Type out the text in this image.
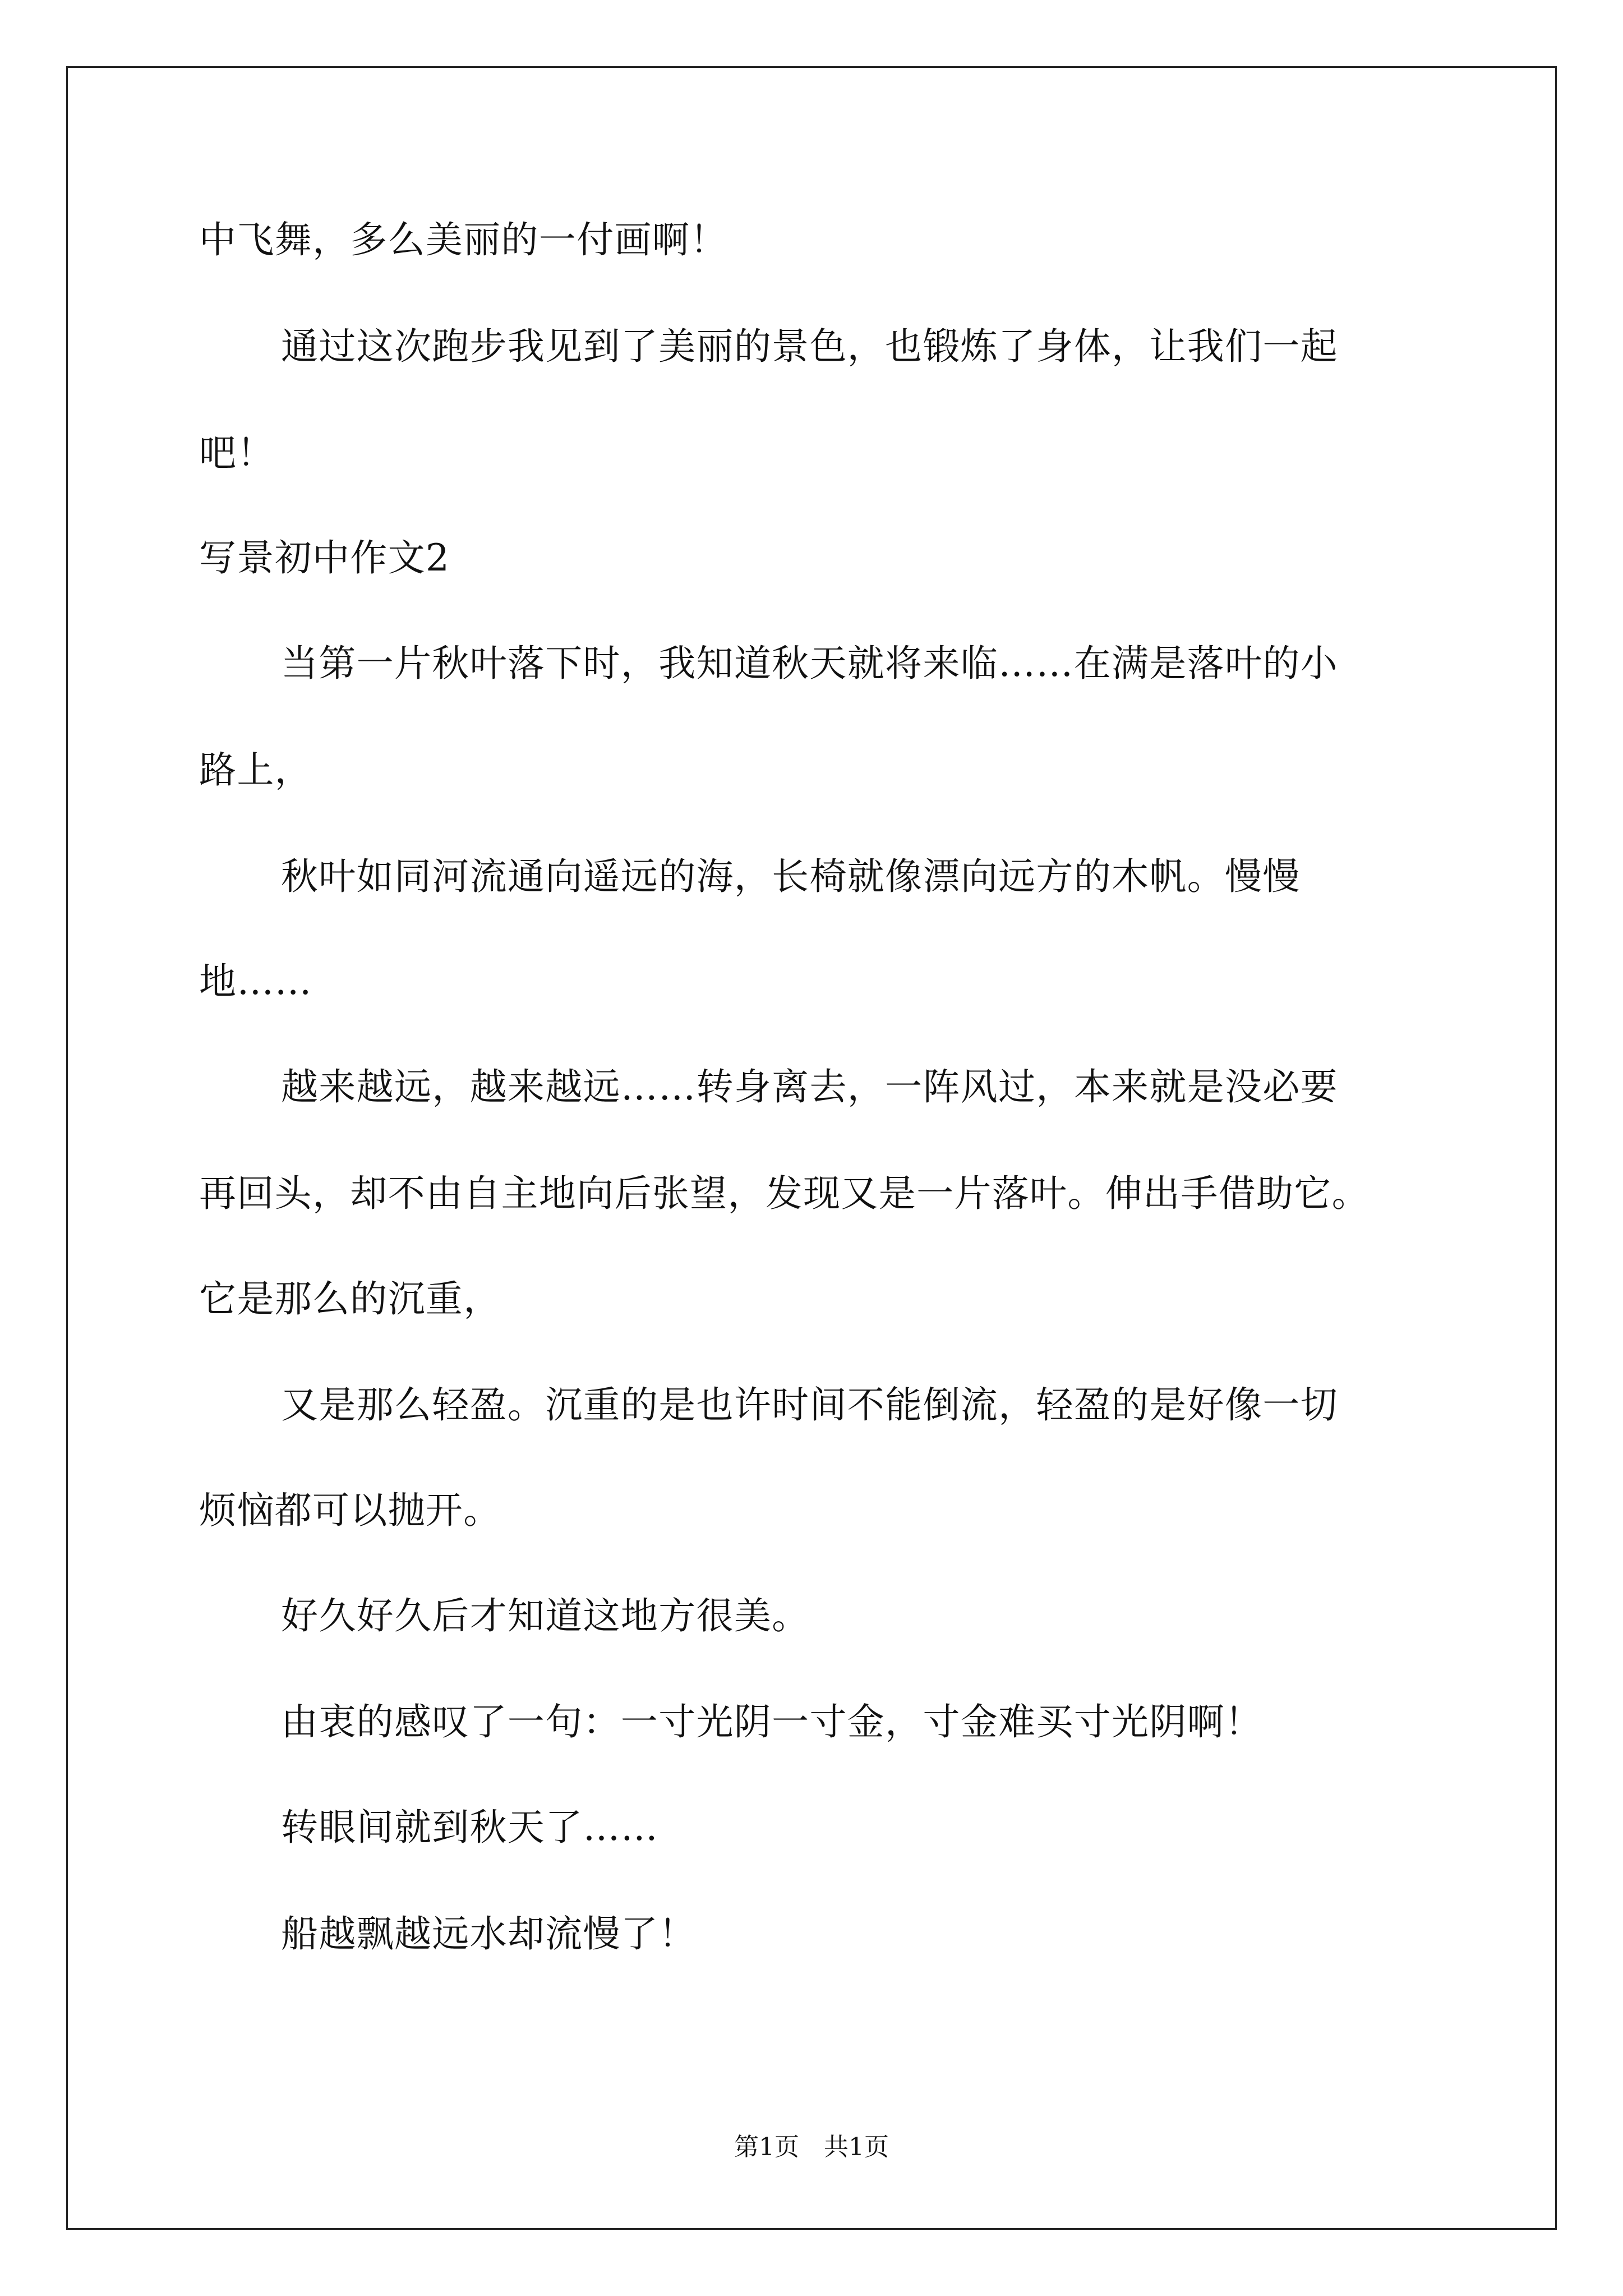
中飞舞，多么美丽的一付画啊！

通过这次跑步我见到了美丽的景色，也锻炼了身体，让我们一起

吧！

写景初中作文2

当第一片秋叶落下时，我知道秋天就将来临……在满是落叶的小

路上，

秋叶如同河流通向遥远的海，长椅就像漂向远方的木帆。慢慢

地……

越来越远，越来越远……转身离去，一阵风过，本来就是没必要

再回头，却不由自主地向后张望，发现又是一片落叶。伸出手借助它。

它是那么的沉重，

又是那么轻盈。沉重的是也许时间不能倒流，轻盈的是好像一切

烦恼都可以抛开。

好久好久后才知道这地方很美。

由衷的感叹了一句：一寸光阴一寸金，寸金难买寸光阴啊！

转眼间就到秋天了……

船越飘越远水却流慢了！

第1页　共1页
